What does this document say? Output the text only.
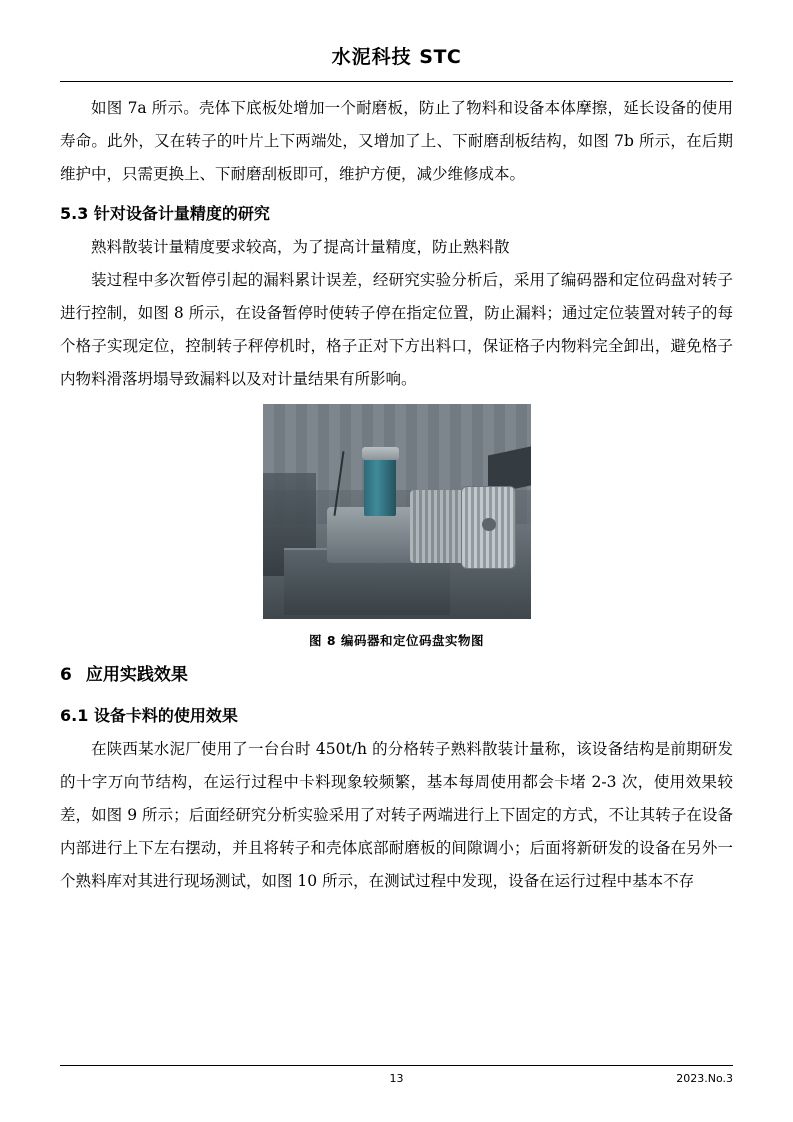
水泥科技 STC

如图 7a 所示。壳体下底板处增加一个耐磨板，防止了物料和设备本体摩擦，延长设备的使用寿命。此外，又在转子的叶片上下两端处，又增加了上、下耐磨刮板结构，如图 7b 所示，在后期维护中，只需更换上、下耐磨刮板即可，维护方便，减少维修成本。

5.3 针对设备计量精度的研究

熟料散装计量精度要求较高，为了提高计量精度，防止熟料散

装过程中多次暂停引起的漏料累计误差，经研究实验分析后，采用了编码器和定位码盘对转子进行控制，如图 8 所示，在设备暂停时使转子停在指定位置，防止漏料；通过定位装置对转子的每个格子实现定位，控制转子秤停机时，格子正对下方出料口，保证格子内物料完全卸出，避免格子内物料滑落坍塌导致漏料以及对计量结果有所影响。

图 8 编码器和定位码盘实物图
6 应用实践效果
6.1 设备卡料的使用效果

在陕西某水泥厂使用了一台台时 450t/h 的分格转子熟料散装计量称，该设备结构是前期研发的十字万向节结构，在运行过程中卡料现象较频繁，基本每周使用都会卡堵 2-3 次，使用效果较差，如图 9 所示；后面经研究分析实验采用了对转子两端进行上下固定的方式，不让其转子在设备内部进行上下左右摆动，并且将转子和壳体底部耐磨板的间隙调小；后面将新研发的设备在另外一个熟料库对其进行现场测试，如图 10 所示，在测试过程中发现，设备在运行过程中基本不存

13	2023.No.3
